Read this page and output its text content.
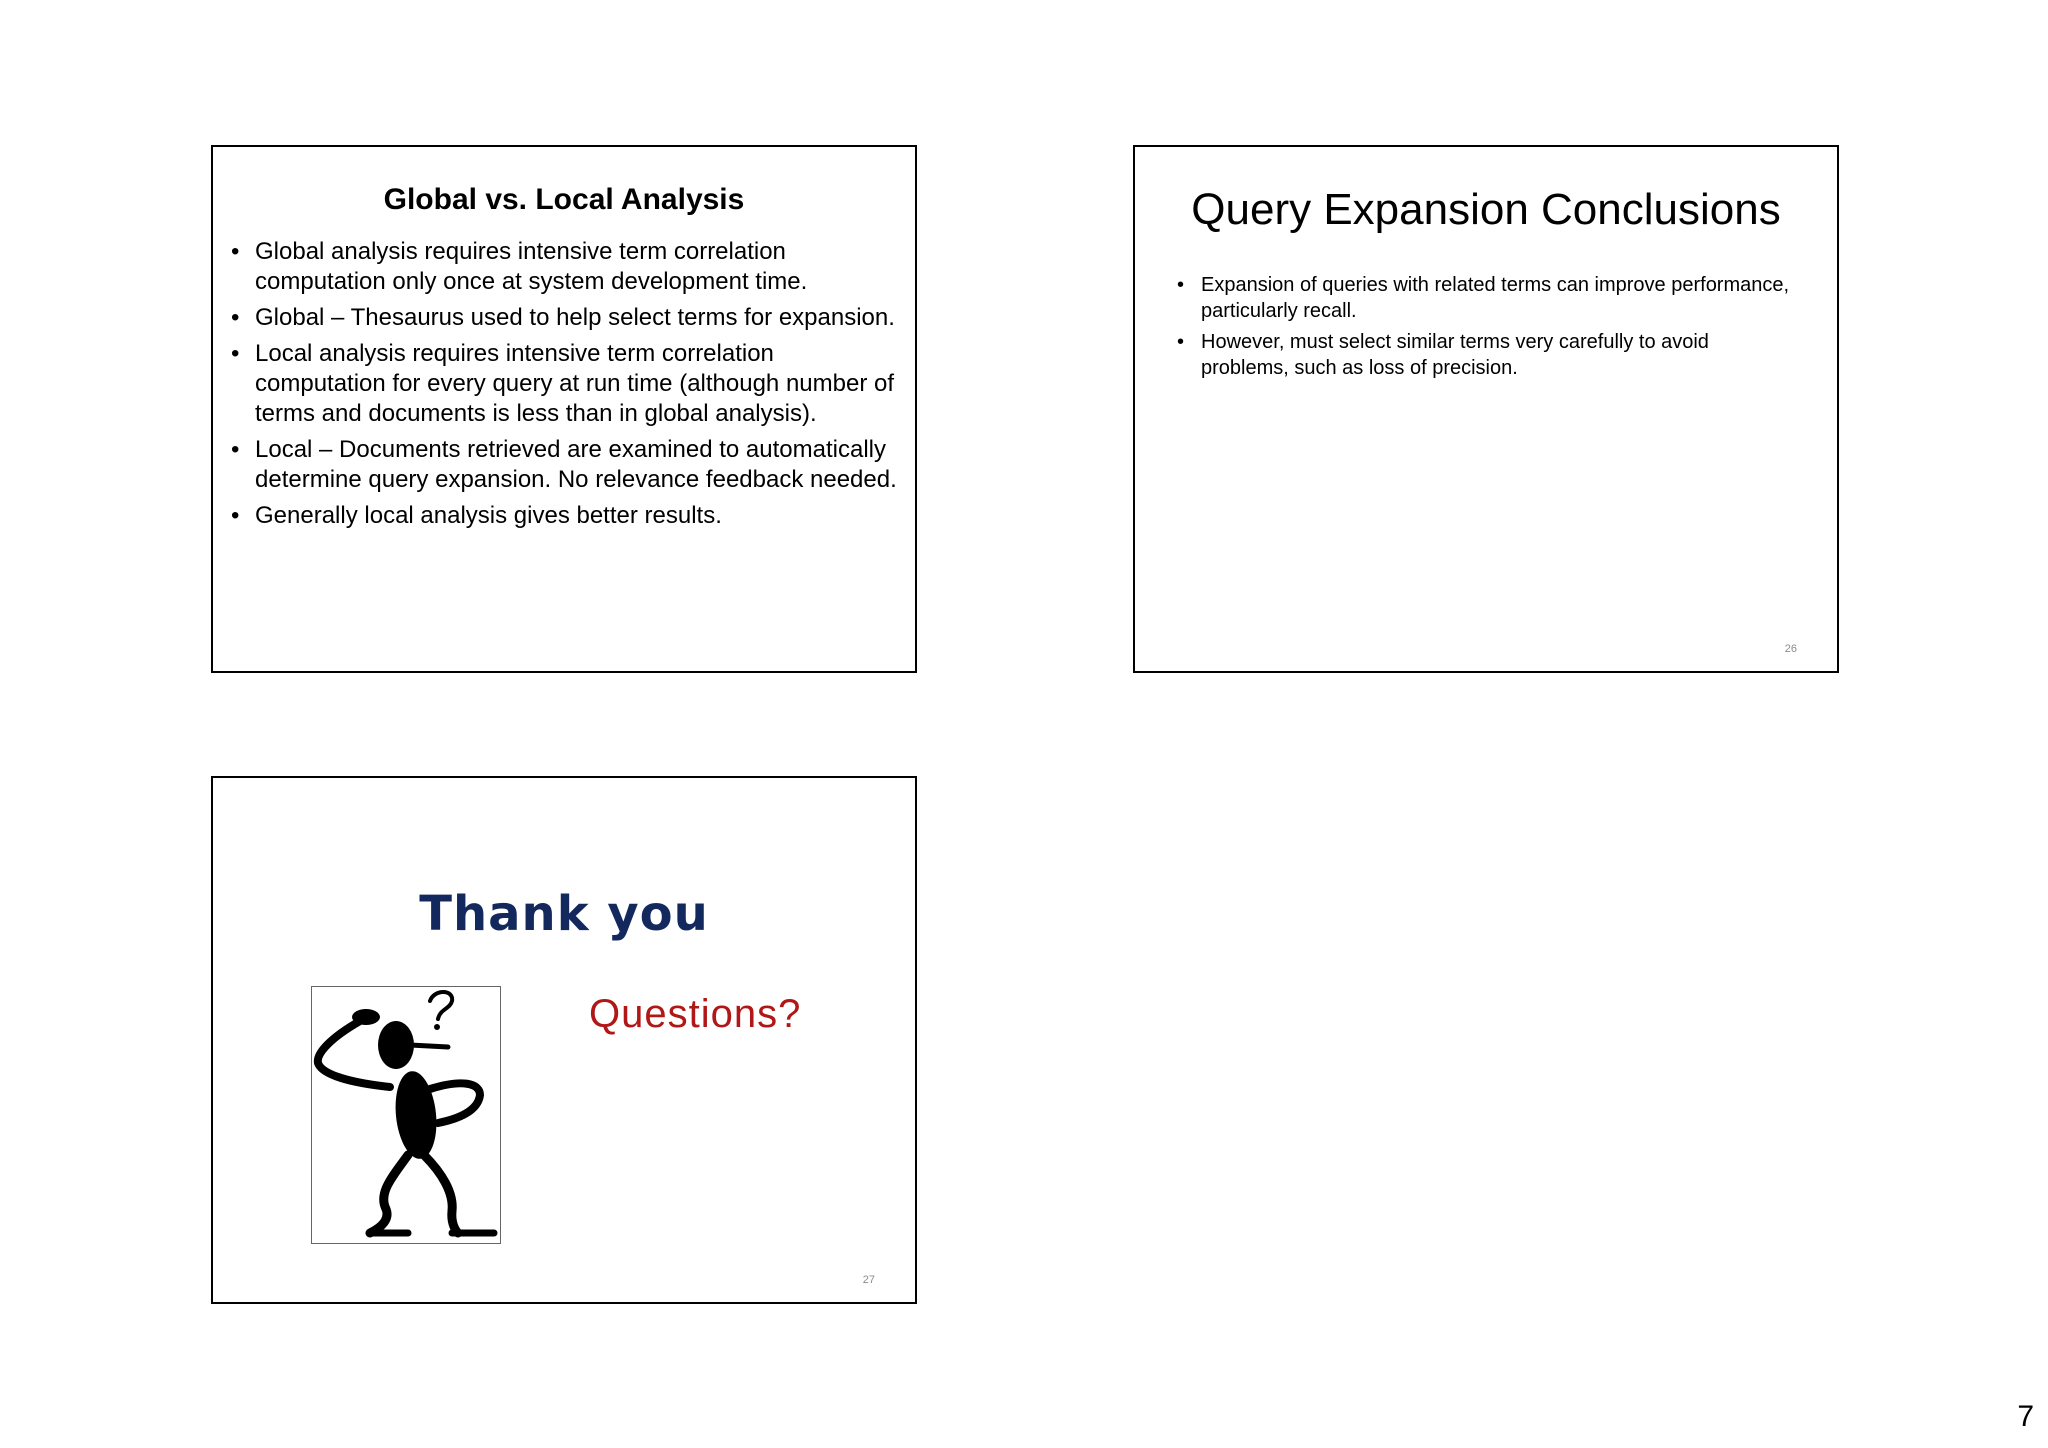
Global vs. Local Analysis
• Global analysis requires intensive term correlation computation only once at system development time.
• Global – Thesaurus used to help select terms for expansion.
• Local analysis requires intensive term correlation computation for every query at run time (although number of terms and documents is less than in global analysis).
• Local – Documents retrieved are examined to automatically determine query expansion. No relevance feedback needed.
• Generally local analysis gives better results.
Query Expansion Conclusions
• Expansion of queries with related terms can improve performance, particularly recall.
• However, must select similar terms very carefully to avoid problems, such as loss of precision.
26
Thank you
Questions?
27
7
